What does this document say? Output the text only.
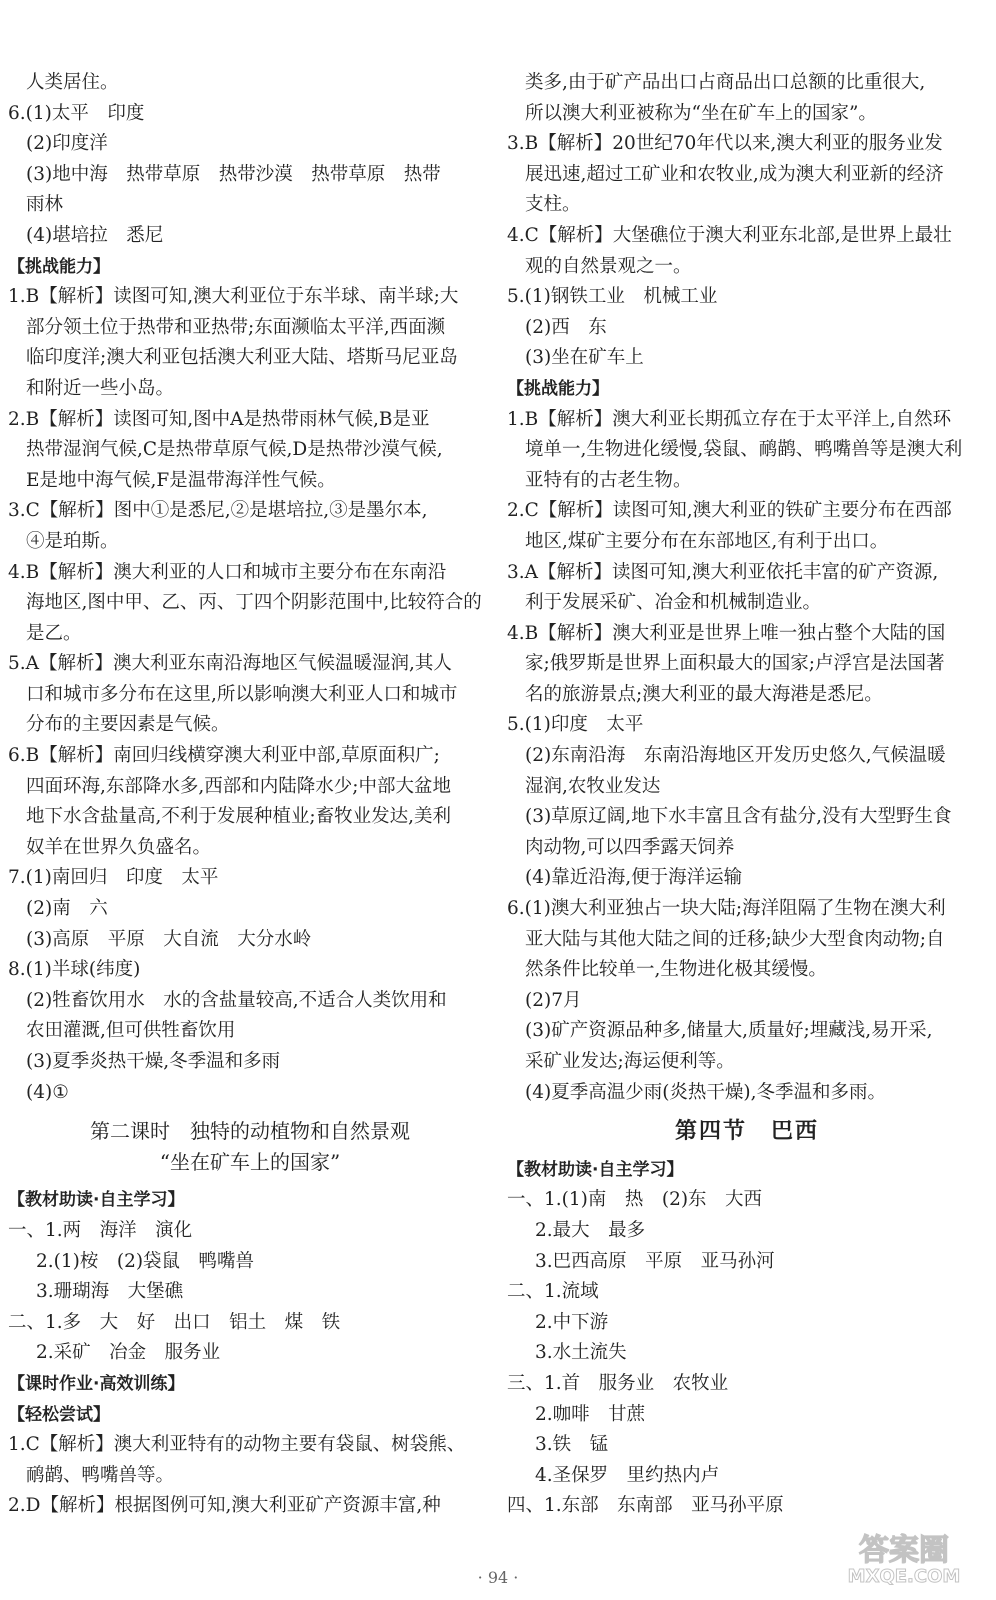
人类居住。
6.(1)太平　印度
(2)印度洋
(3)地中海　热带草原　热带沙漠　热带草原　热带
雨林
(4)堪培拉　悉尼
【挑战能力】
1.B【解析】读图可知,澳大利亚位于东半球、南半球;大
部分领土位于热带和亚热带;东面濒临太平洋,西面濒
临印度洋;澳大利亚包括澳大利亚大陆、塔斯马尼亚岛
和附近一些小岛。
2.B【解析】读图可知,图中A是热带雨林气候,B是亚
热带湿润气候,C是热带草原气候,D是热带沙漠气候,
E是地中海气候,F是温带海洋性气候。
3.C【解析】图中①是悉尼,②是堪培拉,③是墨尔本,
④是珀斯。
4.B【解析】澳大利亚的人口和城市主要分布在东南沿
海地区,图中甲、乙、丙、丁四个阴影范围中,比较符合的
是乙。
5.A【解析】澳大利亚东南沿海地区气候温暖湿润,其人
口和城市多分布在这里,所以影响澳大利亚人口和城市
分布的主要因素是气候。
6.B【解析】南回归线横穿澳大利亚中部,草原面积广;
四面环海,东部降水多,西部和内陆降水少;中部大盆地
地下水含盐量高,不利于发展种植业;畜牧业发达,美利
奴羊在世界久负盛名。
7.(1)南回归　印度　太平
(2)南　六
(3)高原　平原　大自流　大分水岭
8.(1)半球(纬度)
(2)牲畜饮用水　水的含盐量较高,不适合人类饮用和
农田灌溉,但可供牲畜饮用
(3)夏季炎热干燥,冬季温和多雨
(4)①
第二课时　独特的动植物和自然景观
“坐在矿车上的国家”
【教材助读·自主学习】
一、1.两　海洋　演化
2.(1)桉　(2)袋鼠　鸭嘴兽
3.珊瑚海　大堡礁
二、1.多　大　好　出口　铝土　煤　铁
2.采矿　冶金　服务业
【课时作业·高效训练】
【轻松尝试】
1.C【解析】澳大利亚特有的动物主要有袋鼠、树袋熊、
鸸鹋、鸭嘴兽等。
2.D【解析】根据图例可知,澳大利亚矿产资源丰富,种
类多,由于矿产品出口占商品出口总额的比重很大,
所以澳大利亚被称为“坐在矿车上的国家”。
3.B【解析】20世纪70年代以来,澳大利亚的服务业发
展迅速,超过工矿业和农牧业,成为澳大利亚新的经济
支柱。
4.C【解析】大堡礁位于澳大利亚东北部,是世界上最壮
观的自然景观之一。
5.(1)钢铁工业　机械工业
(2)西　东
(3)坐在矿车上
【挑战能力】
1.B【解析】澳大利亚长期孤立存在于太平洋上,自然环
境单一,生物进化缓慢,袋鼠、鸸鹋、鸭嘴兽等是澳大利
亚特有的古老生物。
2.C【解析】读图可知,澳大利亚的铁矿主要分布在西部
地区,煤矿主要分布在东部地区,有利于出口。
3.A【解析】读图可知,澳大利亚依托丰富的矿产资源,
利于发展采矿、冶金和机械制造业。
4.B【解析】澳大利亚是世界上唯一独占整个大陆的国
家;俄罗斯是世界上面积最大的国家;卢浮宫是法国著
名的旅游景点;澳大利亚的最大海港是悉尼。
5.(1)印度　太平
(2)东南沿海　东南沿海地区开发历史悠久,气候温暖
湿润,农牧业发达
(3)草原辽阔,地下水丰富且含有盐分,没有大型野生食
肉动物,可以四季露天饲养
(4)靠近沿海,便于海洋运输
6.(1)澳大利亚独占一块大陆;海洋阻隔了生物在澳大利
亚大陆与其他大陆之间的迁移;缺少大型食肉动物;自
然条件比较单一,生物进化极其缓慢。
(2)7月
(3)矿产资源品种多,储量大,质量好;埋藏浅,易开采,
采矿业发达;海运便利等。
(4)夏季高温少雨(炎热干燥),冬季温和多雨。
第四节　巴西
【教材助读·自主学习】
一、1.(1)南　热　(2)东　大西
2.最大　最多
3.巴西高原　平原　亚马孙河
二、1.流域
2.中下游
3.水土流失
三、1.首　服务业　农牧业
2.咖啡　甘蔗
3.铁　锰
4.圣保罗　里约热内卢
四、1.东部　东南部　亚马孙平原
· 94 ·
答案圈
MXQE.COM
